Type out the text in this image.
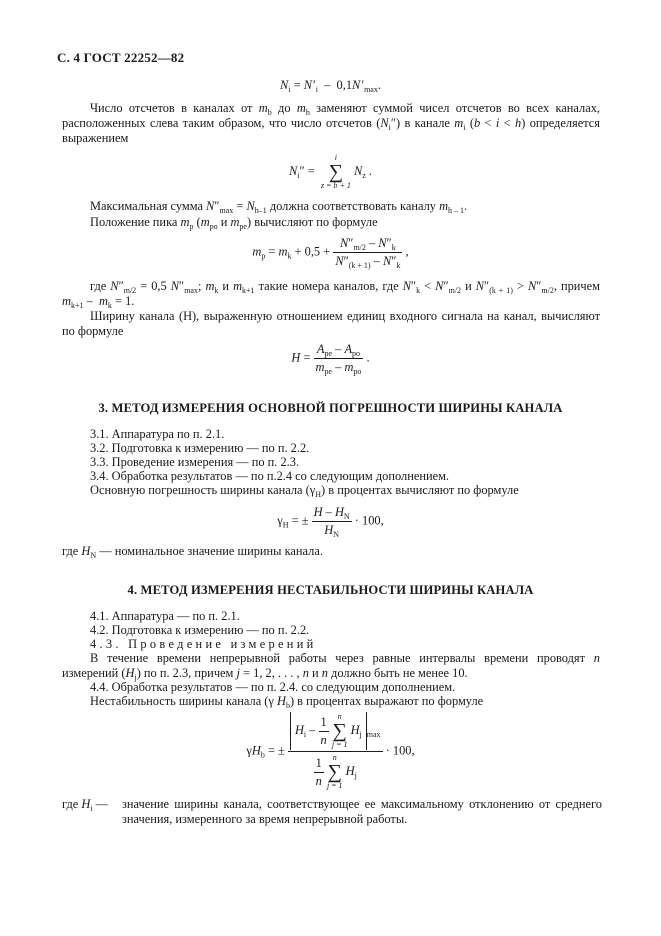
С. 4 ГОСТ 22252—82
$N_i = N$ $'_i - 0,1N$ $'_{max}$.
Число отсчетов в каналах от $m_b$ до $m_h$ заменяют суммой чисел отсчетов во всех каналах, расположенных слева таким образом, что число отсчетов $(N_i'')$ в канале $m_i$ (b < i < h) определяется выражением
$N_i''$ =
i
∑
z = b + 1
$N_z$ .
Максимальная сумма $N''_{max} = N_{h-1}$ должна соответствовать каналу $m_{h - 1}$.
Положение пика $m_p$ ($m_{po}$ и $m_{pe}$) вычисляют по формуле
$m_p = m_k + 0,5 + \frac{N''_{m/2} - N''_k}{N''_{(k + 1)} - N''_k}$ ,
где $N''_{m/2} = 0,5$ $N''_{max}$; $m_k$ и $m_{k+1}$ такие номера каналов, где $N''_k < N''_{m/2}$ и $N''_{(k + 1)} > N''_{m/2}$, причем $m_{k+1} - m_k = 1$.
Ширину канала (H), выраженную отношением единиц входного сигнала на канал, вычисляют по формуле
$H = \frac{A_{pe} - A_{po}}{m_{pe} - m_{po}}$ .
3. МЕТОД ИЗМЕРЕНИЯ ОСНОВНОЙ ПОГРЕШНОСТИ ШИРИНЫ КАНАЛА
3.1. Аппаратура по п. 2.1.
3.2. Подготовка к измерению — по п. 2.2.
3.3. Проведение измерения — по п. 2.3.
3.4. Обработка результатов — по п.2.4 со следующим дополнением.
Основную погрешность ширины канала $(\gamma_H)$ в процентах вычисляют по формуле
$\gamma_H$ = ± $\frac{H - H_N}{H_N} \cdot 100$,
где $H_N$ — номинальное значение ширины канала.
4. МЕТОД ИЗМЕРЕНИЯ НЕСТАБИЛЬНОСТИ ШИРИНЫ КАНАЛА
4.1. Аппаратура — по п. 2.1.
4.2. Подготовка к измерению — по п. 2.2.
4.3. Проведение измерений
В течение времени непрерывной работы через равные интервалы времени проводят n измерений $(H_j)$ по п. 2.3, причем j = 1, 2, . . . , n и n должно быть не менее 10.
4.4. Обработка результатов — по п. 2.4. со следующим дополнением.
Нестабильность ширины канала (γ $H_b$) в процентах выражают по формуле
$\gamma H_b$ = ± $H_i - \frac{1}{n}$
	n
∑
j = 1
$H_j$ $_{max}$
$\frac{1}{n}$
	n
∑
j = 1
$H_j \cdot 100$,
где $H_i$ — значение ширины канала, соответствующее ее максимальному отклонению от среднего значения, измеренного за время непрерывной работы.
